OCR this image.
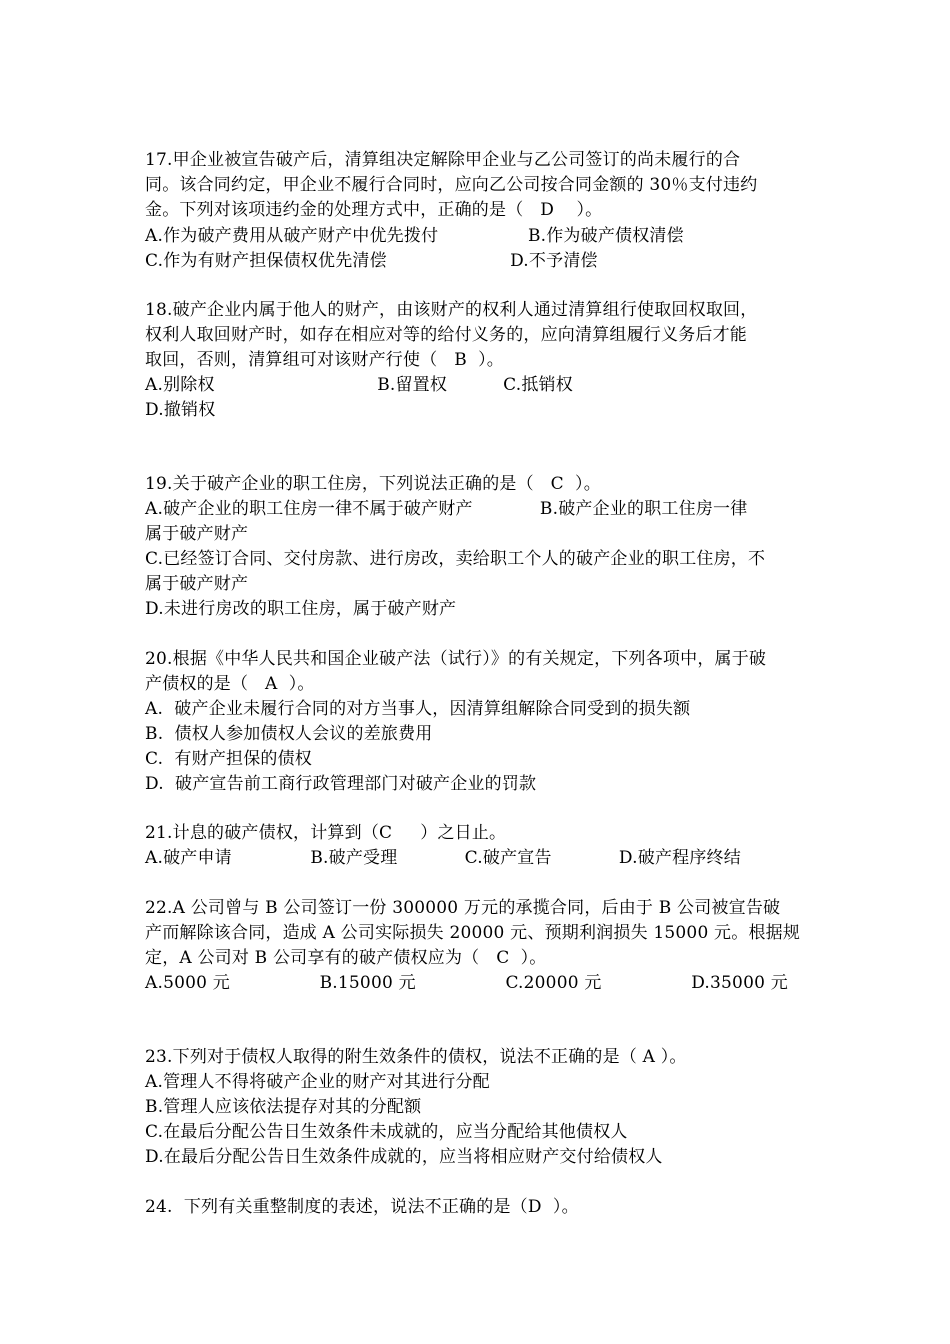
17.甲企业被宣告破产后，清算组决定解除甲企业与乙公司签订的尚未履行的合
同。该合同约定，甲企业不履行合同时，应向乙公司按合同金额的 30％支付违约
金。下列对该项违约金的处理方式中，正确的是（   D    ）。
A.作为破产费用从破产财产中优先拨付                B.作为破产债权清偿
C.作为有财产担保债权优先清偿                      D.不予清偿
18.破产企业内属于他人的财产，由该财产的权利人通过清算组行使取回权取回，
权利人取回财产时，如存在相应对等的给付义务的，应向清算组履行义务后才能
取回，否则，清算组可对该财产行使（   B  ）。
A.别除权                             B.留置权          C.抵销权
D.撤销权
19.关于破产企业的职工住房，下列说法正确的是（   C  ）。
A.破产企业的职工住房一律不属于破产财产            B.破产企业的职工住房一律
属于破产财产
C.已经签订合同、交付房款、进行房改，卖给职工个人的破产企业的职工住房，不
属于破产财产
D.未进行房改的职工住房，属于破产财产
20.根据《中华人民共和国企业破产法（试行）》的有关规定，下列各项中，属于破
产债权的是（   A  ）。
A.  破产企业未履行合同的对方当事人，因清算组解除合同受到的损失额
B.  债权人参加债权人会议的差旅费用
C.  有财产担保的债权
D.  破产宣告前工商行政管理部门对破产企业的罚款
21.计息的破产债权，计算到（C     ）之日止。
A.破产申请              B.破产受理            C.破产宣告            D.破产程序终结
22.A 公司曾与 B 公司签订一份 300000 万元的承揽合同，后由于 B 公司被宣告破
产而解除该合同，造成 A 公司实际损失 20000 元、预期利润损失 15000 元。根据规
定，A 公司对 B 公司享有的破产债权应为（   C  ）。
A.5000 元                B.15000 元                C.20000 元                D.35000 元
23.下列对于债权人取得的附生效条件的债权，说法不正确的是（ A ）。
A.管理人不得将破产企业的财产对其进行分配
B.管理人应该依法提存对其的分配额
C.在最后分配公告日生效条件未成就的，应当分配给其他债权人
D.在最后分配公告日生效条件成就的，应当将相应财产交付给债权人
24.  下列有关重整制度的表述，说法不正确的是（D  ）。
